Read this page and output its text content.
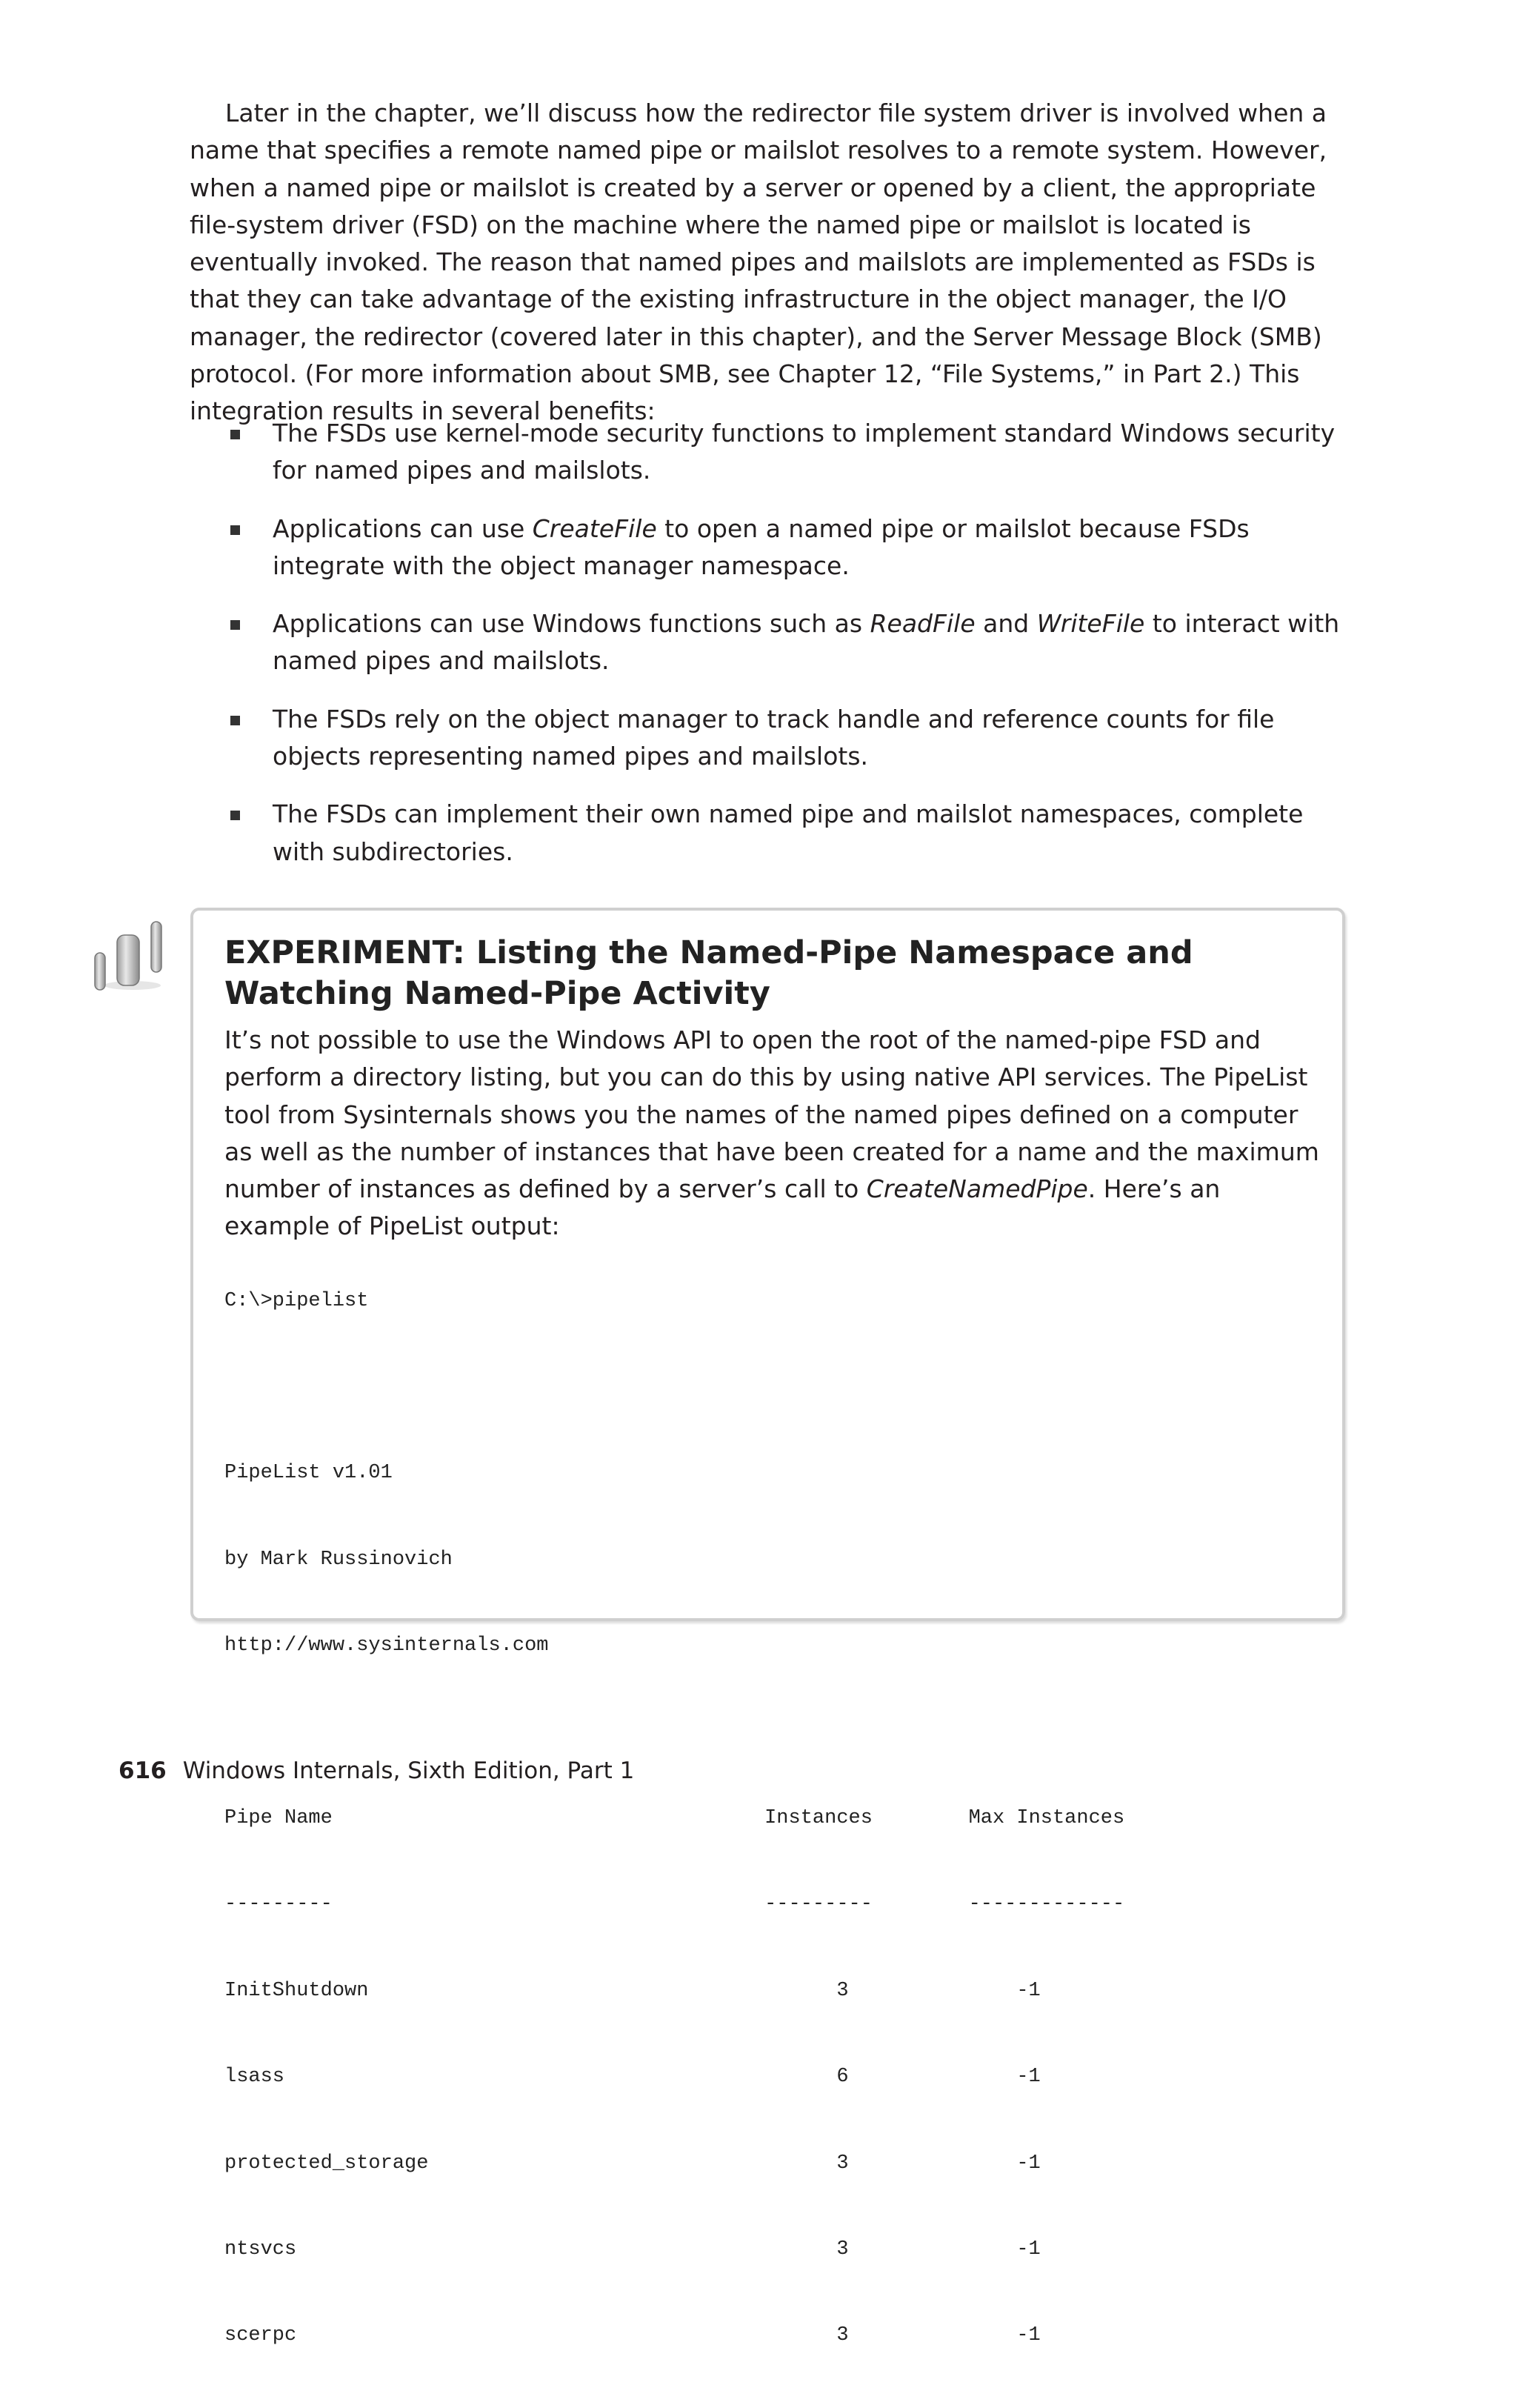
Later in the chapter, we’ll discuss how the redirector file system driver is involved when a name that specifies a remote named pipe or mailslot resolves to a remote system. However, when a named pipe or mailslot is created by a server or opened by a client, the appropriate file-system driver (FSD) on the machine where the named pipe or mailslot is located is eventually invoked. The reason that named pipes and mailslots are implemented as FSDs is that they can take advantage of the existing infrastructure in the object manager, the I/O manager, the redirector (covered later in this chapter), and the Server Message Block (SMB) protocol. (For more information about SMB, see Chapter 12, “File Systems,” in Part 2.) This integration results in several benefits:

The FSDs use kernel-mode security functions to implement standard Windows security for named pipes and mailslots.
Applications can use CreateFile to open a named pipe or mailslot because FSDs integrate with the object manager namespace.
Applications can use Windows functions such as ReadFile and WriteFile to interact with named pipes and mailslots.
The FSDs rely on the object manager to track handle and reference counts for file objects representing named pipes and mailslots.
The FSDs can implement their own named pipe and mailslot namespaces, complete with subdirectories.
EXPERIMENT: Listing the Named-Pipe Namespace and Watching Named-Pipe Activity
It’s not possible to use the Windows API to open the root of the named-pipe FSD and perform a directory listing, but you can do this by using native API services. The PipeList tool from Sysinternals shows you the names of the named pipes defined on a computer as well as the number of instances that have been created for a name and the maximum number of instances as defined by a server’s call to CreateNamedPipe. Here’s an example of PipeList output:

C:\>pipelist

PipeList v1.01

by Mark Russinovich

http://www.sysinternals.com

Pipe Name	Instances	Max Instances

---------	---------	-------------

InitShutdown	3	-1

lsass	6	-1

protected_storage	3	-1

ntsvcs	3	-1

scerpc	3	-1

616 Windows Internals, Sixth Edition, Part 1
